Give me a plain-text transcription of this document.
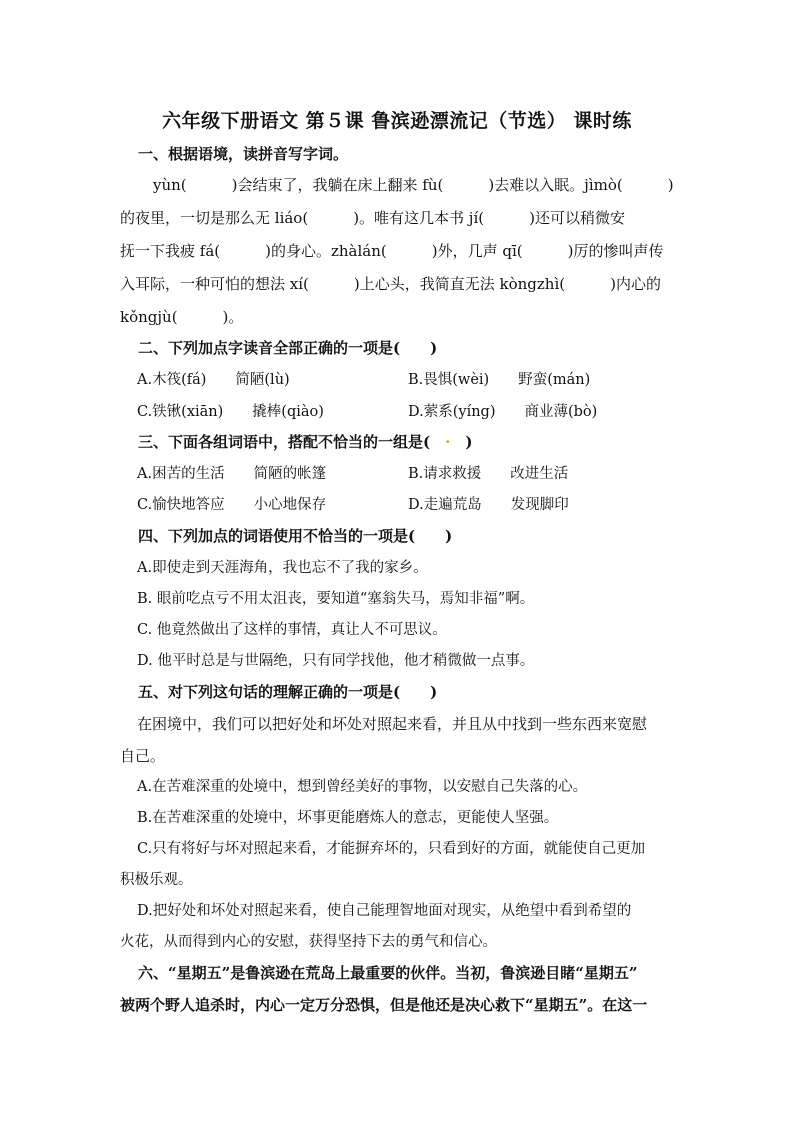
六年级下册语文 第５课 鲁滨逊漂流记（节选） 课时练
一、根据语境，读拼音写字词。
yùn(　　　)会结束了，我躺在床上翻来 fù(　　　)去难以入眠。jìmò(　　　)
的夜里，一切是那么无 liáo(　　　)。唯有这几本书 jí(　　　)还可以稍微安
抚一下我疲 fá(　　　)的身心。zhàlán(　　　)外，几声 qī(　　　)厉的惨叫声传
入耳际，一种可怕的想法 xí(　　　)上心头，我简直无法 kòngzhì(　　　)内心的
kǒngjù(　　　)。
二、下列加点字读音全部正确的一项是(　　)
A.木筏(fá)　　简陋(lù)	B.畏惧(wèi)　　野蛮(mán)
C.铁锹(xiān)　　撬棒(qiào)	D.萦系(yíng)　　商业薄(bò)
三、下面各组词语中，搭配不恰当的一组是(　·　)
A.困苦的生活　　简陋的帐篷	B.请求救援　　改进生活
C.愉快地答应　　小心地保存	D.走遍荒岛　　发现脚印
四、下列加点的词语使用不恰当的一项是(　　)
A.即使走到天涯海角，我也忘不了我的家乡。
B. 眼前吃点亏不用太沮丧，要知道“塞翁失马，焉知非福”啊。
C. 他竟然做出了这样的事情，真让人不可思议。
D. 他平时总是与世隔绝，只有同学找他，他才稍微做一点事。
五、对下列这句话的理解正确的一项是(　　)
在困境中，我们可以把好处和坏处对照起来看，并且从中找到一些东西来宽慰
自己。
A.在苦难深重的处境中，想到曾经美好的事物，以安慰自己失落的心。
B.在苦难深重的处境中，坏事更能磨炼人的意志，更能使人坚强。
C.只有将好与坏对照起来看，才能摒弃坏的，只看到好的方面，就能使自己更加
积极乐观。
D.把好处和坏处对照起来看，使自己能理智地面对现实，从绝望中看到希望的
火花，从而得到内心的安慰，获得坚持下去的勇气和信心。
六、“星期五”是鲁滨逊在荒岛上最重要的伙伴。当初，鲁滨逊目睹“星期五”
被两个野人追杀时，内心一定万分恐惧，但是他还是决心救下“星期五”。在这一
